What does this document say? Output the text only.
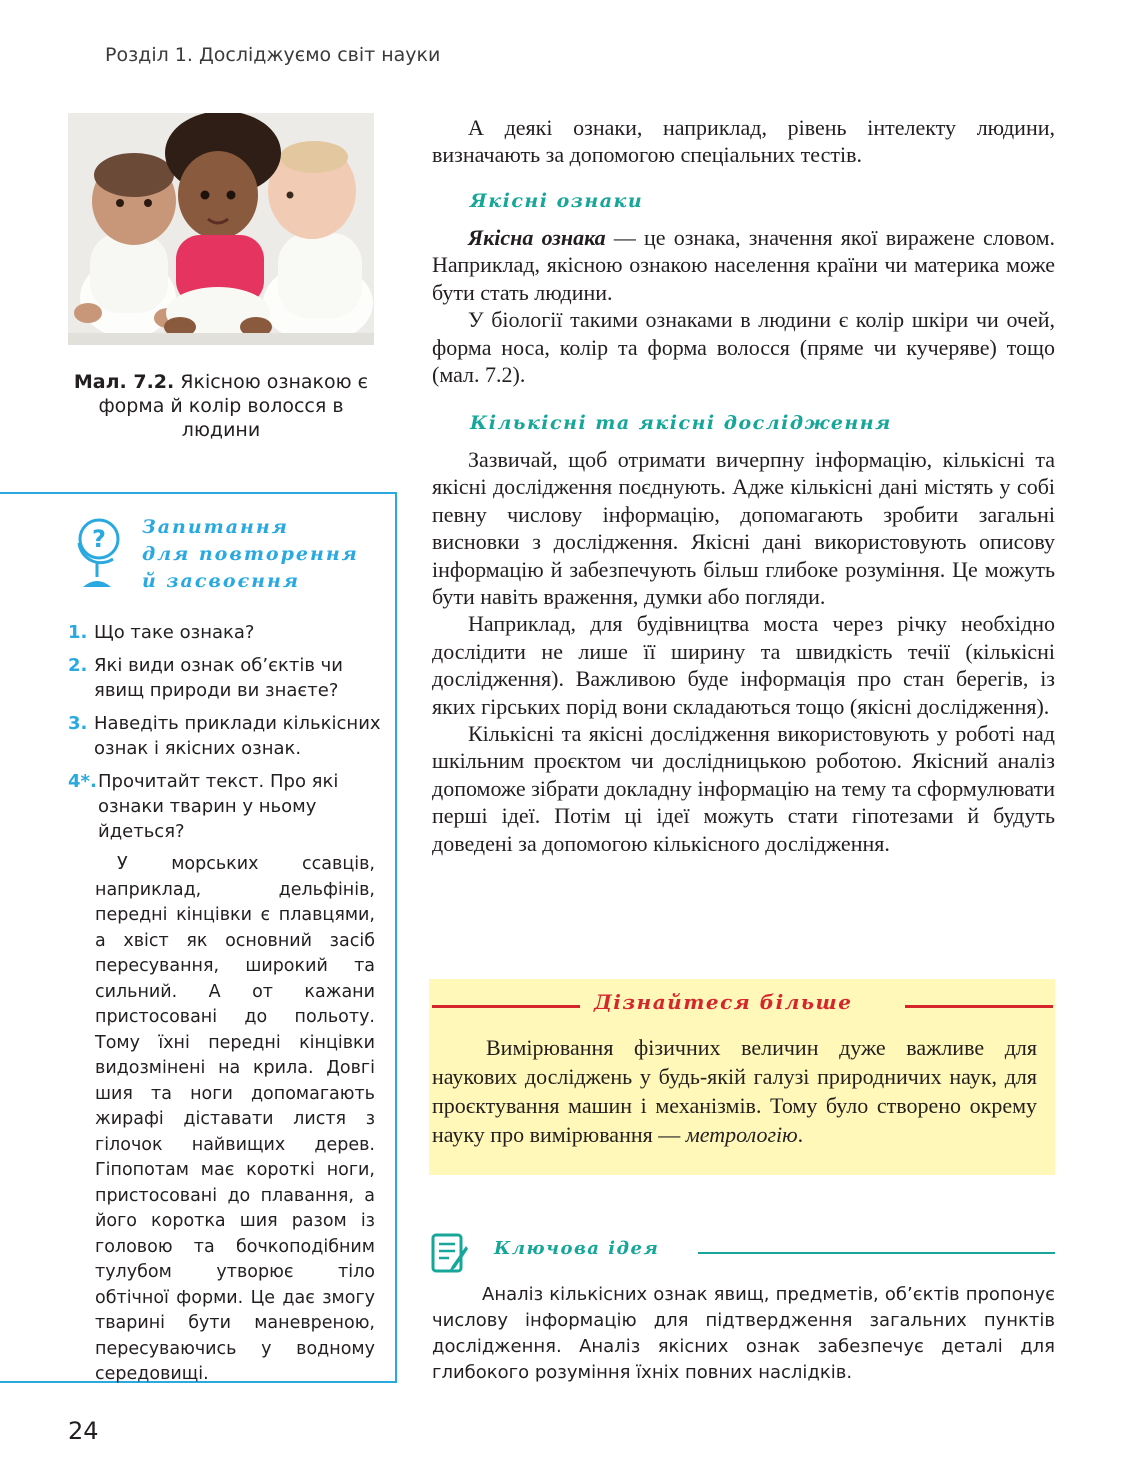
Розділ 1. Досліджуємо світ науки
Мал. 7.2. Якісною ознакою є форма й колір волосся в людини
? Запитання
для повторення
й засвоєння
1. Що таке ознака?
2. Які види ознак об’єктів чи явищ природи ви знаєте?
3. Наведіть приклади кількісних ознак і якісних ознак.
4*. Прочитайт текст. Про які ознаки тварин у ньому йдеться?
У морських ссавців, наприклад, дельфінів, передні кінцівки є плавцями, а хвіст як основний засіб пересування, широкий та сильний. А от кажани пристосовані до польоту. Тому їхні передні кінцівки видозмінені на крила. Довгі шия та ноги допомагають жирафі діставати листя з гілочок найвищих дерев. Гіпопотам має короткі ноги, пристосовані до плавання, а його коротка шия разом із головою та бочкоподібним тулубом утворює тіло обтічної форми. Це дає змогу тварині бути маневреною, пересуваючись у водному середовищі.

А деякі ознаки, наприклад, рівень інтелекту людини, визначають за допомогою спеціальних тестів.

Якісні ознаки

Якісна ознака — це ознака, значення якої виражене словом. Наприклад, якісною ознакою населення країни чи материка може бути стать людини.

У біології такими ознаками в людини є колір шкіри чи очей, форма носа, колір та форма волосся (пряме чи кучеряве) тощо (мал. 7.2).

Кількісні та якісні дослідження

Зазвичай, щоб отримати вичерпну інформацію, кількісні та якісні дослідження поєднують. Адже кількісні дані містять у собі певну числову інформацію, допомагають зробити загальні висновки з дослідження. Якісні дані використовують описову інформацію й забезпечують більш глибоке розуміння. Це можуть бути навіть враження, думки або погляди.

Наприклад, для будівництва моста через річку необхідно дослідити не лише її ширину та швидкість течії (кількісні дослідження). Важливою буде інформація про стан берегів, із яких гірських порід вони складаються тощо (якісні дослідження).

Кількісні та якісні дослідження використовують у роботі над шкільним проєктом чи дослідницькою роботою. Якісний аналіз допоможе зібрати докладну інформацію на тему та сформулювати перші ідеї. Потім ці ідеї можуть стати гіпотезами й будуть доведені за допомогою кількісного дослідження.

Дізнайтеся більше

Вимірювання фізичних величин дуже важливе для наукових досліджень у будь-якій галузі природничих наук, для проєктування машин і механізмів. Тому було створено окрему науку про вимірювання — метрологію.

Ключова ідея

Аналіз кількісних ознак явищ, предметів, об’єктів пропонує числову інформацію для підтвердження загальних пунктів дослідження. Аналіз якісних ознак забезпечує деталі для глибокого розуміння їхніх повних наслідків.

24
